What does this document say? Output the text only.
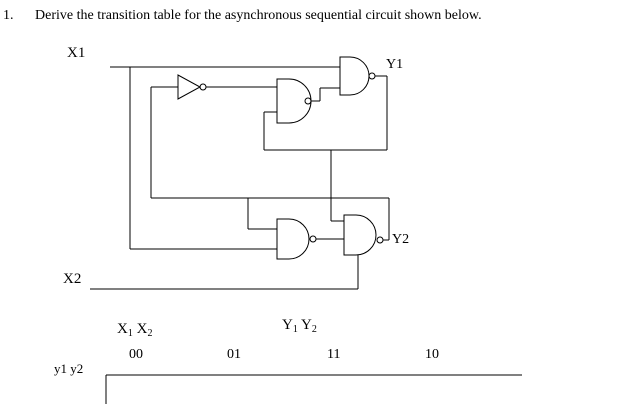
1. Derive the transition table for the asynchronous sequential circuit shown below.
X1
X2
Y1
Y2
$X_1$ $X_2$
$Y_1$ $Y_2$
y1 y2
00	01	11	10
